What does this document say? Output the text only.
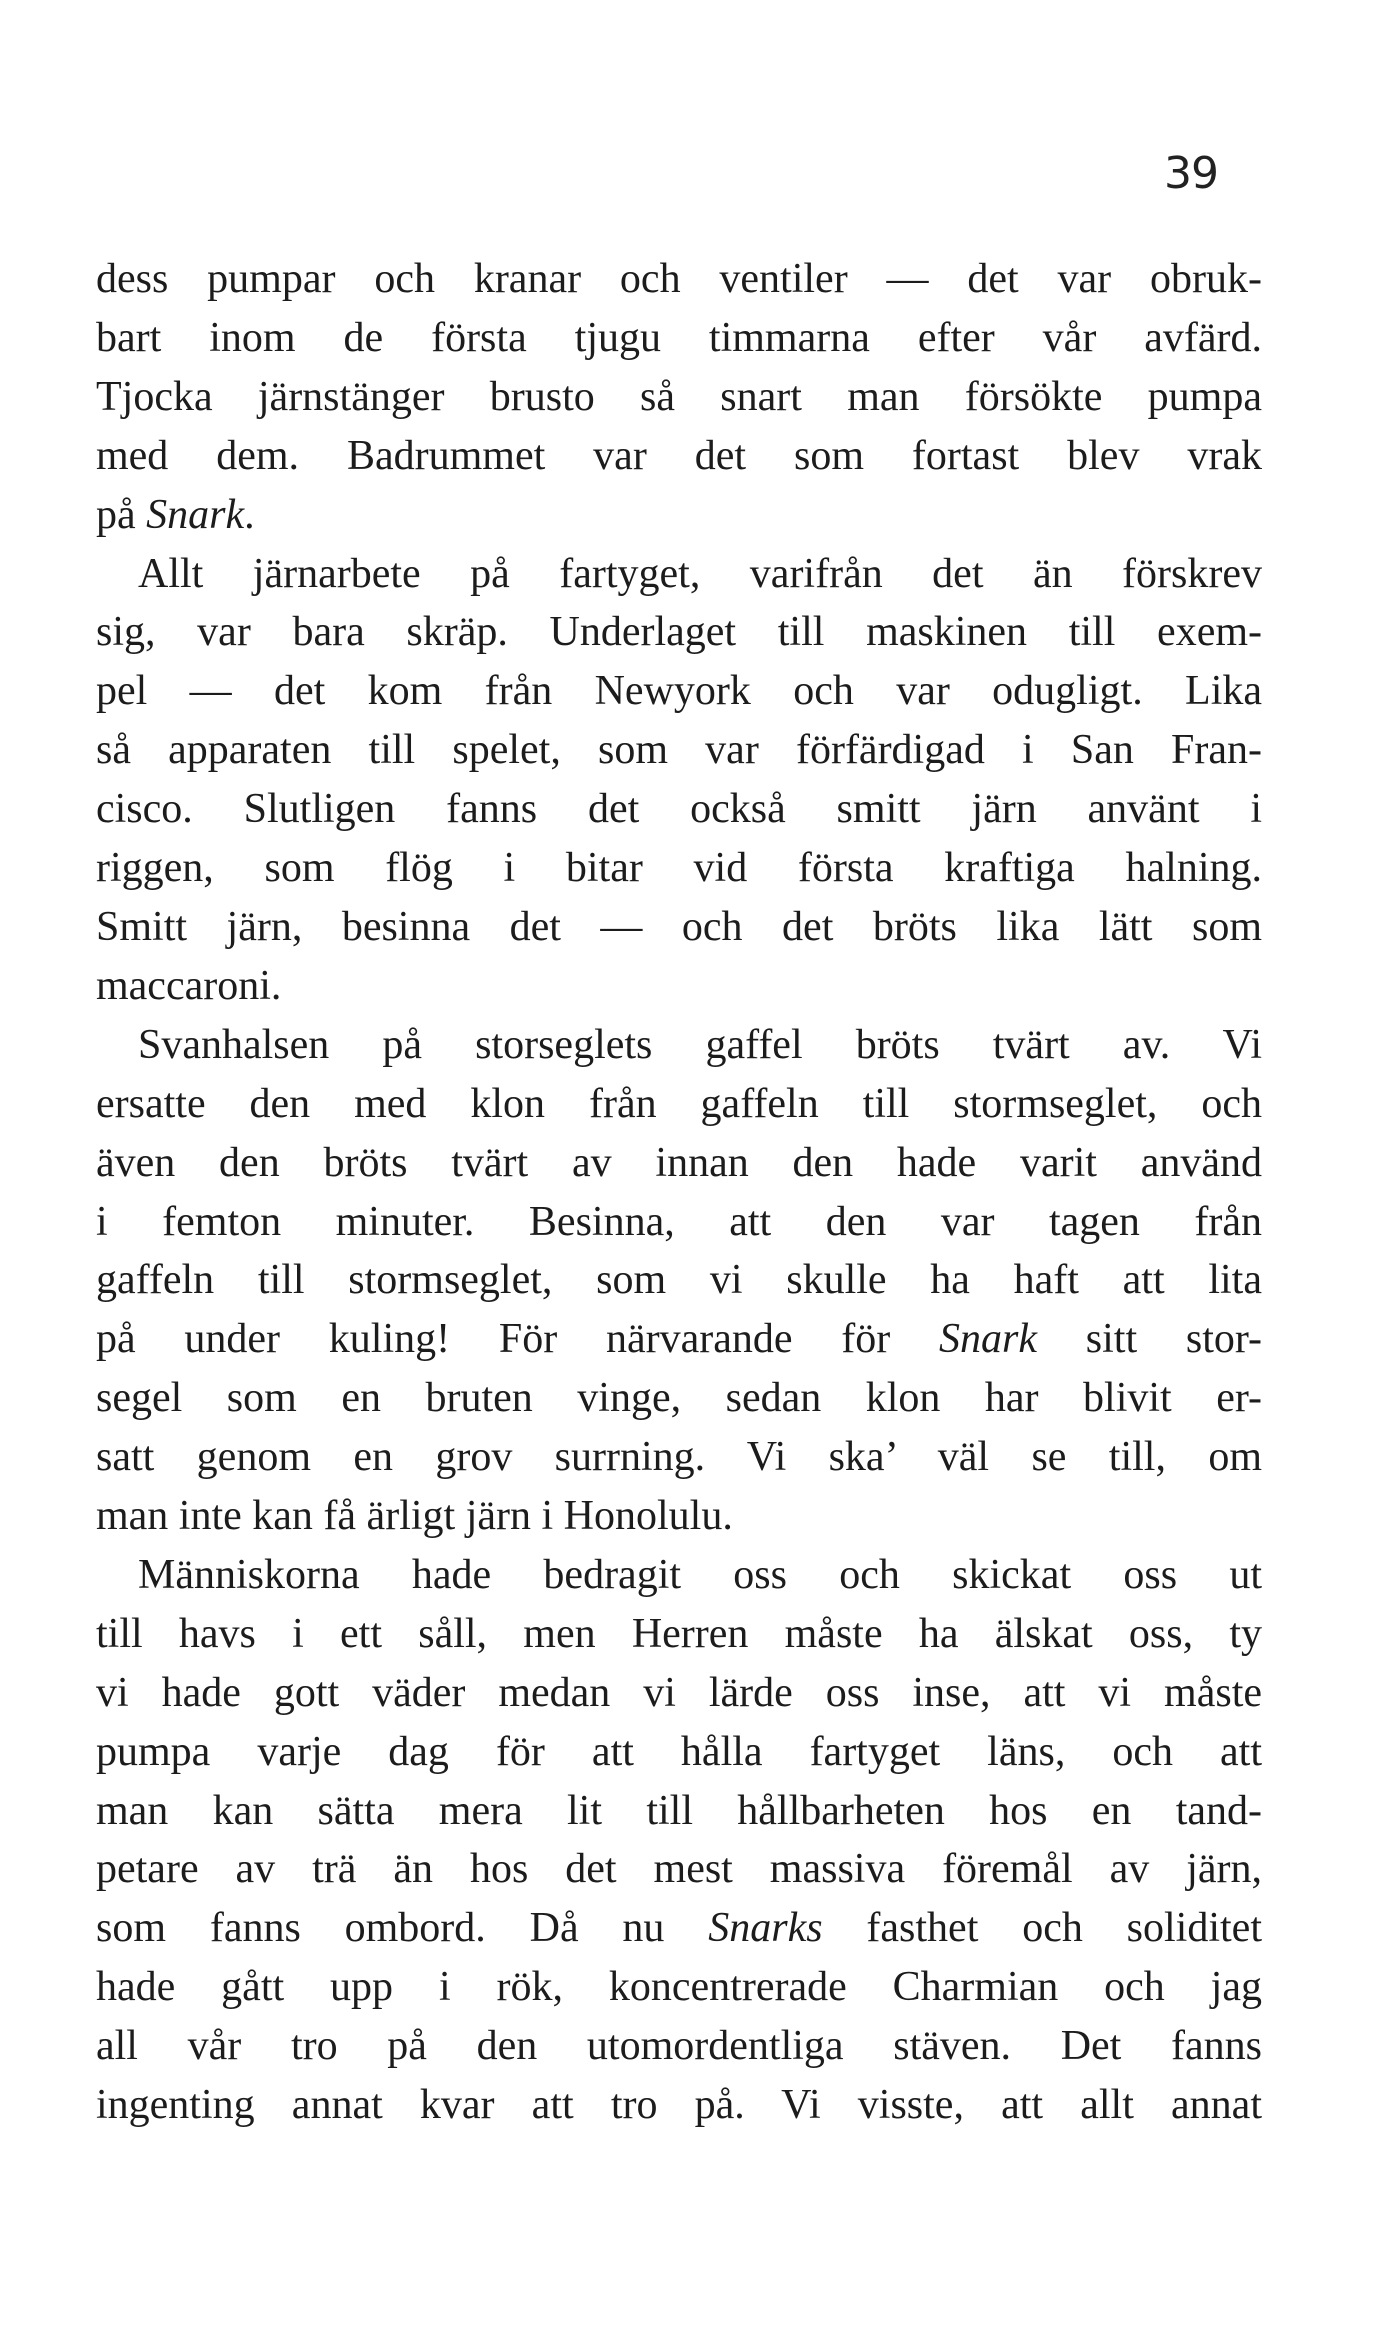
39

dess pumpar och kranar och ventiler — det var obruk-
bart inom de första tjugu timmarna efter vår avfärd.
Tjocka järnstänger brusto så snart man försökte pumpa
med dem. Badrummet var det som fortast blev vrak
på Snark.

Allt järnarbete på fartyget, varifrån det än förskrev
sig, var bara skräp. Underlaget till maskinen till exem-
pel — det kom från Newyork och var odugligt. Lika
så apparaten till spelet, som var förfärdigad i San Fran-
cisco. Slutligen fanns det också smitt järn använt i
riggen, som flög i bitar vid första kraftiga halning.
Smitt järn, besinna det — och det bröts lika lätt som
maccaroni.

Svanhalsen på storseglets gaffel bröts tvärt av. Vi
ersatte den med klon från gaffeln till stormseglet, och
även den bröts tvärt av innan den hade varit använd
i femton minuter. Besinna, att den var tagen från
gaffeln till stormseglet, som vi skulle ha haft att lita
på under kuling! För närvarande för Snark sitt stor-
segel som en bruten vinge, sedan klon har blivit er-
satt genom en grov surrning. Vi ska’ väl se till, om
man inte kan få ärligt järn i Honolulu.

Människorna hade bedragit oss och skickat oss ut
till havs i ett såll, men Herren måste ha älskat oss, ty
vi hade gott väder medan vi lärde oss inse, att vi måste
pumpa varje dag för att hålla fartyget läns, och att
man kan sätta mera lit till hållbarheten hos en tand-
petare av trä än hos det mest massiva föremål av järn,
som fanns ombord. Då nu Snarks fasthet och soliditet
hade gått upp i rök, koncentrerade Charmian och jag
all vår tro på den utomordentliga stäven. Det fanns
ingenting annat kvar att tro på. Vi visste, att allt annat
